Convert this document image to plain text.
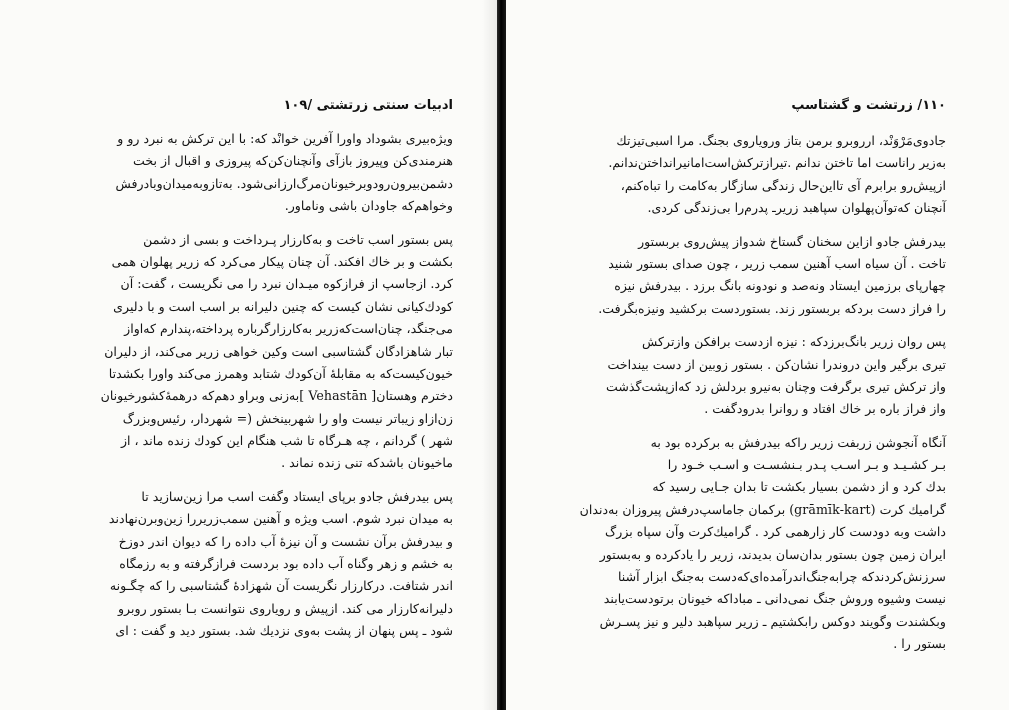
ادبیات سنتی زرتشتی /۱۰۹
ویژه‌بیری بشوداد واورا آفرین خوانْد که: با این ترکش به نبرد رو و
هنرمندی‌کن وپیروز بازآی وآنچنان‌کن‌که پیروزی و اقبال از بخت
دشمن‌بیرون‌رود‌وبرخیونان‌مرگ‌ارزانی‌شود. بەتازوبەمیدان‌وبادرفش
وخواهم‌که جاودان باشی وناماور.
پس بستور اسب تاخت و بەکارزار پـرداخت و بسی از دشمن
بکشت و بر خاك افکند. آن چنان پیکار می‌کرد که زریر پهلوان همی
کرد. ازجاسپ از فرازکوه میـدان نبرد را می نگریست ، گفت: آن
کودك‌کیانی نشان کیست که چنین دلیرانه بر اسب است و با دلیری
می‌جنگد، چنان‌است‌که‌زریر بەکارزارگرباره پرداخته،پندارم کەاواز
تبار شاهزادگان گشتاسبی است وکین خواهی زریر می‌کند، از دلیران
خیون‌کیست‌که به مقابلهٔ آن‌کودك شتابد وهمرز می‌کند واورا بکشدتا
دخترم وهستان[ Vehastān ]بەزنی وبراو دهم‌که درهمهٔ‌کشورخیونان
زن‌ازاو زیباتر نیست واو را شهربینخش (= شهردار، رئیس‌وبزرگ
شهر ) گردانم ، چه هـرگاه تا شب هنگام این کودك زنده ماند ، از
ماخیونان باشد‌که تنی زنده نماند .
پس بیدرفش جادو برپای ایستاد وگفت اسب مرا زین‌سازید تا
به میدان نبرد شوم. اسب ویژه و آهنین سمب‌زریررا زین‌وبرن‌نهادند
و بیدرفش برآن نشست و آن نیزهٔ آب داده را که دیوان اندر دوزخ
به خشم و زهر وگناه آب داده بود بردست فرازگرفته و به رزمگاه
اندر شتافت. درکارزار نگریست آن شهزادهٔ گشتاسبی را که چگـونه
دلیرانه‌کارزار می کند. ازپیش و رویاروی نتوانست بـا بستور روبرو
شود ـ پس پنهان از پشت بەوی نزدیك شد. بستور دید و گفت : ای
۱۱۰/ زرتشت و گشتاسپ
جادوی‌مَرْوَنْد، اررو‌برو برمن بتاز ورویاروی بجنگ. مرا اسبی‌تیزتك
بەزیر راناست اما تاختن ندانم .تیراز‌ترکش‌است‌امانیرانداختن‌ندانم.
ازپیش‌رو برابرم آی تااین‌حال زندگی سازگار بەکامت را تباه‌کنم،
آنچنان که‌تو‌آن‌پهلوان سپاهبد زریرـ پدرم‌را بی‌زندگی کردی.
بیدرفش جادو ازاین سخنان گستاخ شدواز پیش‌روی بربستور
تاخت . آن سیاه اسب آهنین سمب زریر ، چون صدای بستور شنید
چهارپای برزمین ایستاد ونەصد و نودونه بانگ برزد . بیدرفش نیزه
را فراز دست بردکه بربستور زند. بستوردست برکشید ونیزەبگرفت.
پس روان زریر بانگ‌برزد‌که : نیزه ازدست برافکن وازترکش
تیری برگیر واین دروندرا نشان‌کن . بستور زوبین از دست بینداخت
واز ترکش تیری برگرفت وچنان بەنیرو بردلش زد که‌ازپشت‌گذشت
واز فراز باره بر خاك افتاد و روانرا بدرودگفت .
آنگاه آنجوشن زربفت زریر راکه بیدرفش به برکرده بود به
بـر کشـیـد و بـر اسـب پـدر بـنشسـت و اسـب خـود را
بدك کرد و از دشمن بسیار بکشت تا بدان جـایی رسید که
گرامیك کرت (grāmīk-kart) برکمان جاماسپ‌درفش پیروزان بەدندان
داشت وبه دودست کار زارهمی کرد . گرامیك‌کرت وآن سپاه بزرگ
ایران زمین چون بستور بدان‌سان بدیدند، زریر را یادکرده و بەبستور
سرزنش‌کردندکه چرابەجنگ‌اندرآمده‌ای‌کەدست بەجنگ ابزار آشنا
نیست وشیوه وروش جنگ نمی‌دانی ـ مبادا‌که خیونان برتودست‌یابند
وبکشندت وگویند دوکس رابکشتیم ـ زریر سپاهبد دلیر و نیز پسـرش
بستور را .
